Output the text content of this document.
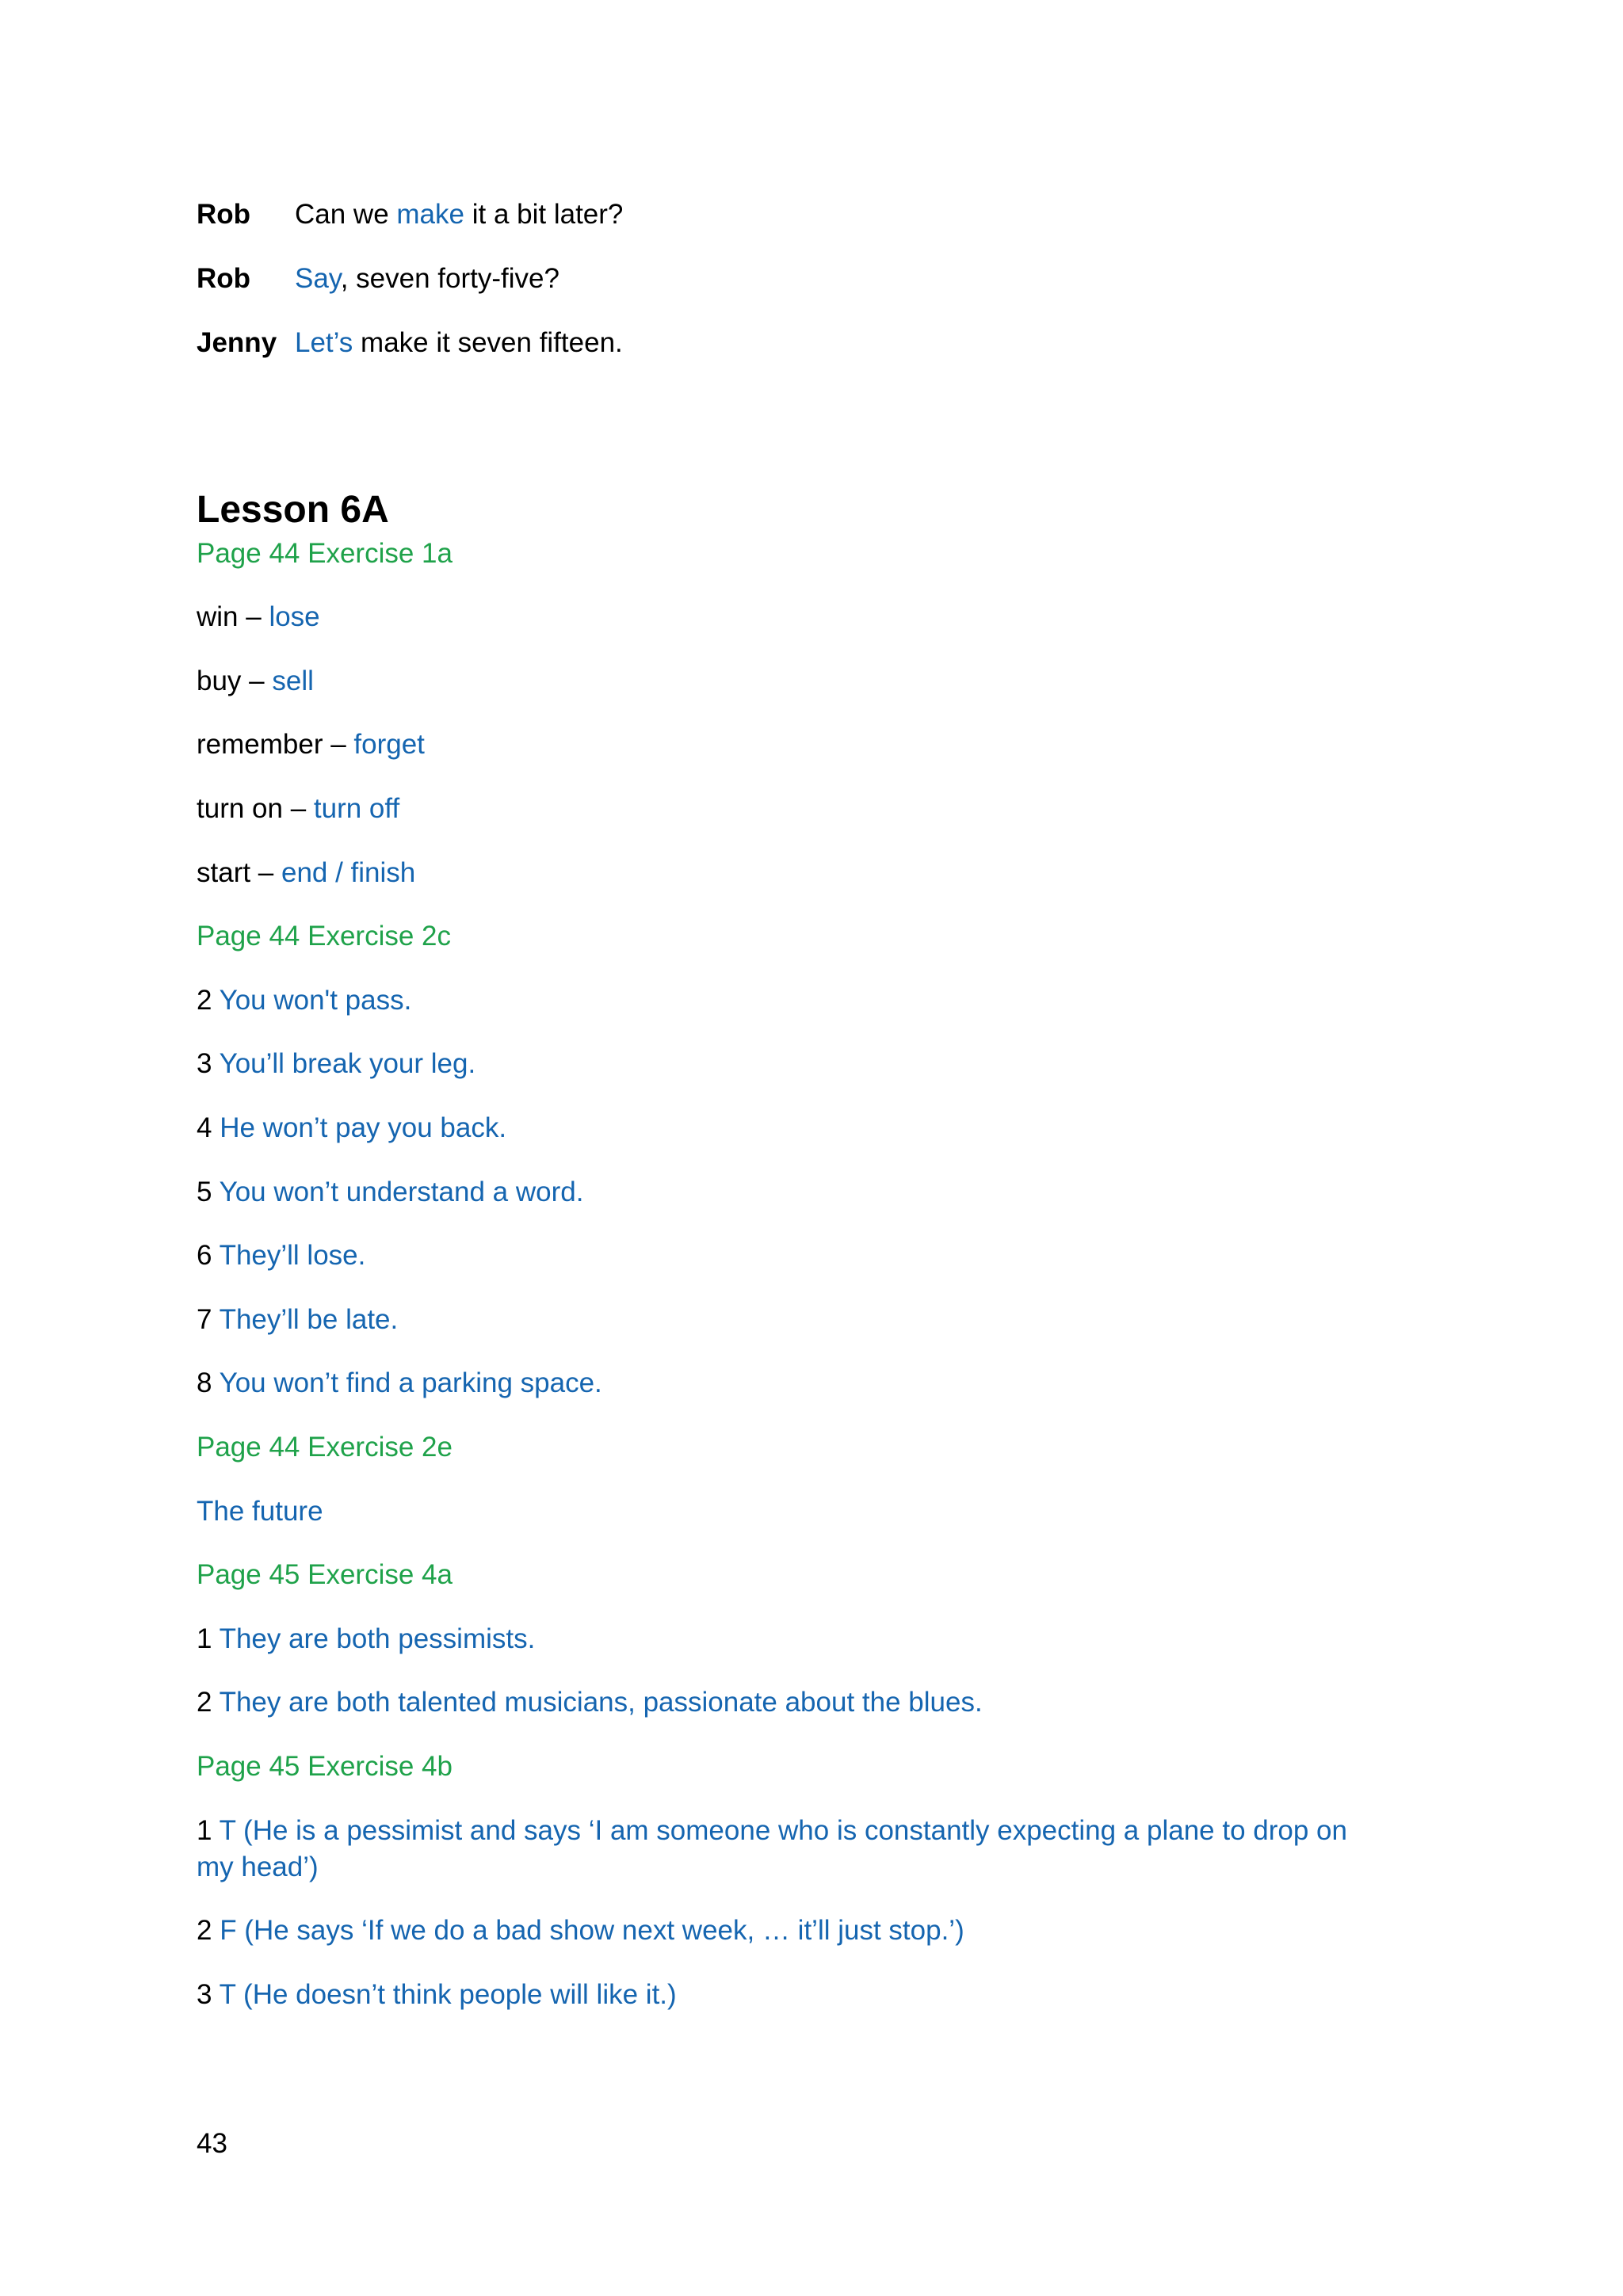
Rob Can we make it a bit later?
Rob Say, seven forty-five?
Jenny Let’s make it seven fifteen.
Lesson 6A
Page 44 Exercise 1a
win – lose
buy – sell
remember – forget
turn on – turn off
start – end / finish
Page 44 Exercise 2c
2 You won't pass.
3 You’ll break your leg.
4 He won’t pay you back.
5 You won’t understand a word.
6 They’ll lose.
7 They’ll be late.
8 You won’t find a parking space.
Page 44 Exercise 2e
The future
Page 45 Exercise 4a
1 They are both pessimists.
2 They are both talented musicians, passionate about the blues.
Page 45 Exercise 4b
1 T (He is a pessimist and says ‘I am someone who is constantly expecting a plane to drop on my head’)
2 F (He says ‘If we do a bad show next week, … it’ll just stop.’)
3 T (He doesn’t think people will like it.)
43
